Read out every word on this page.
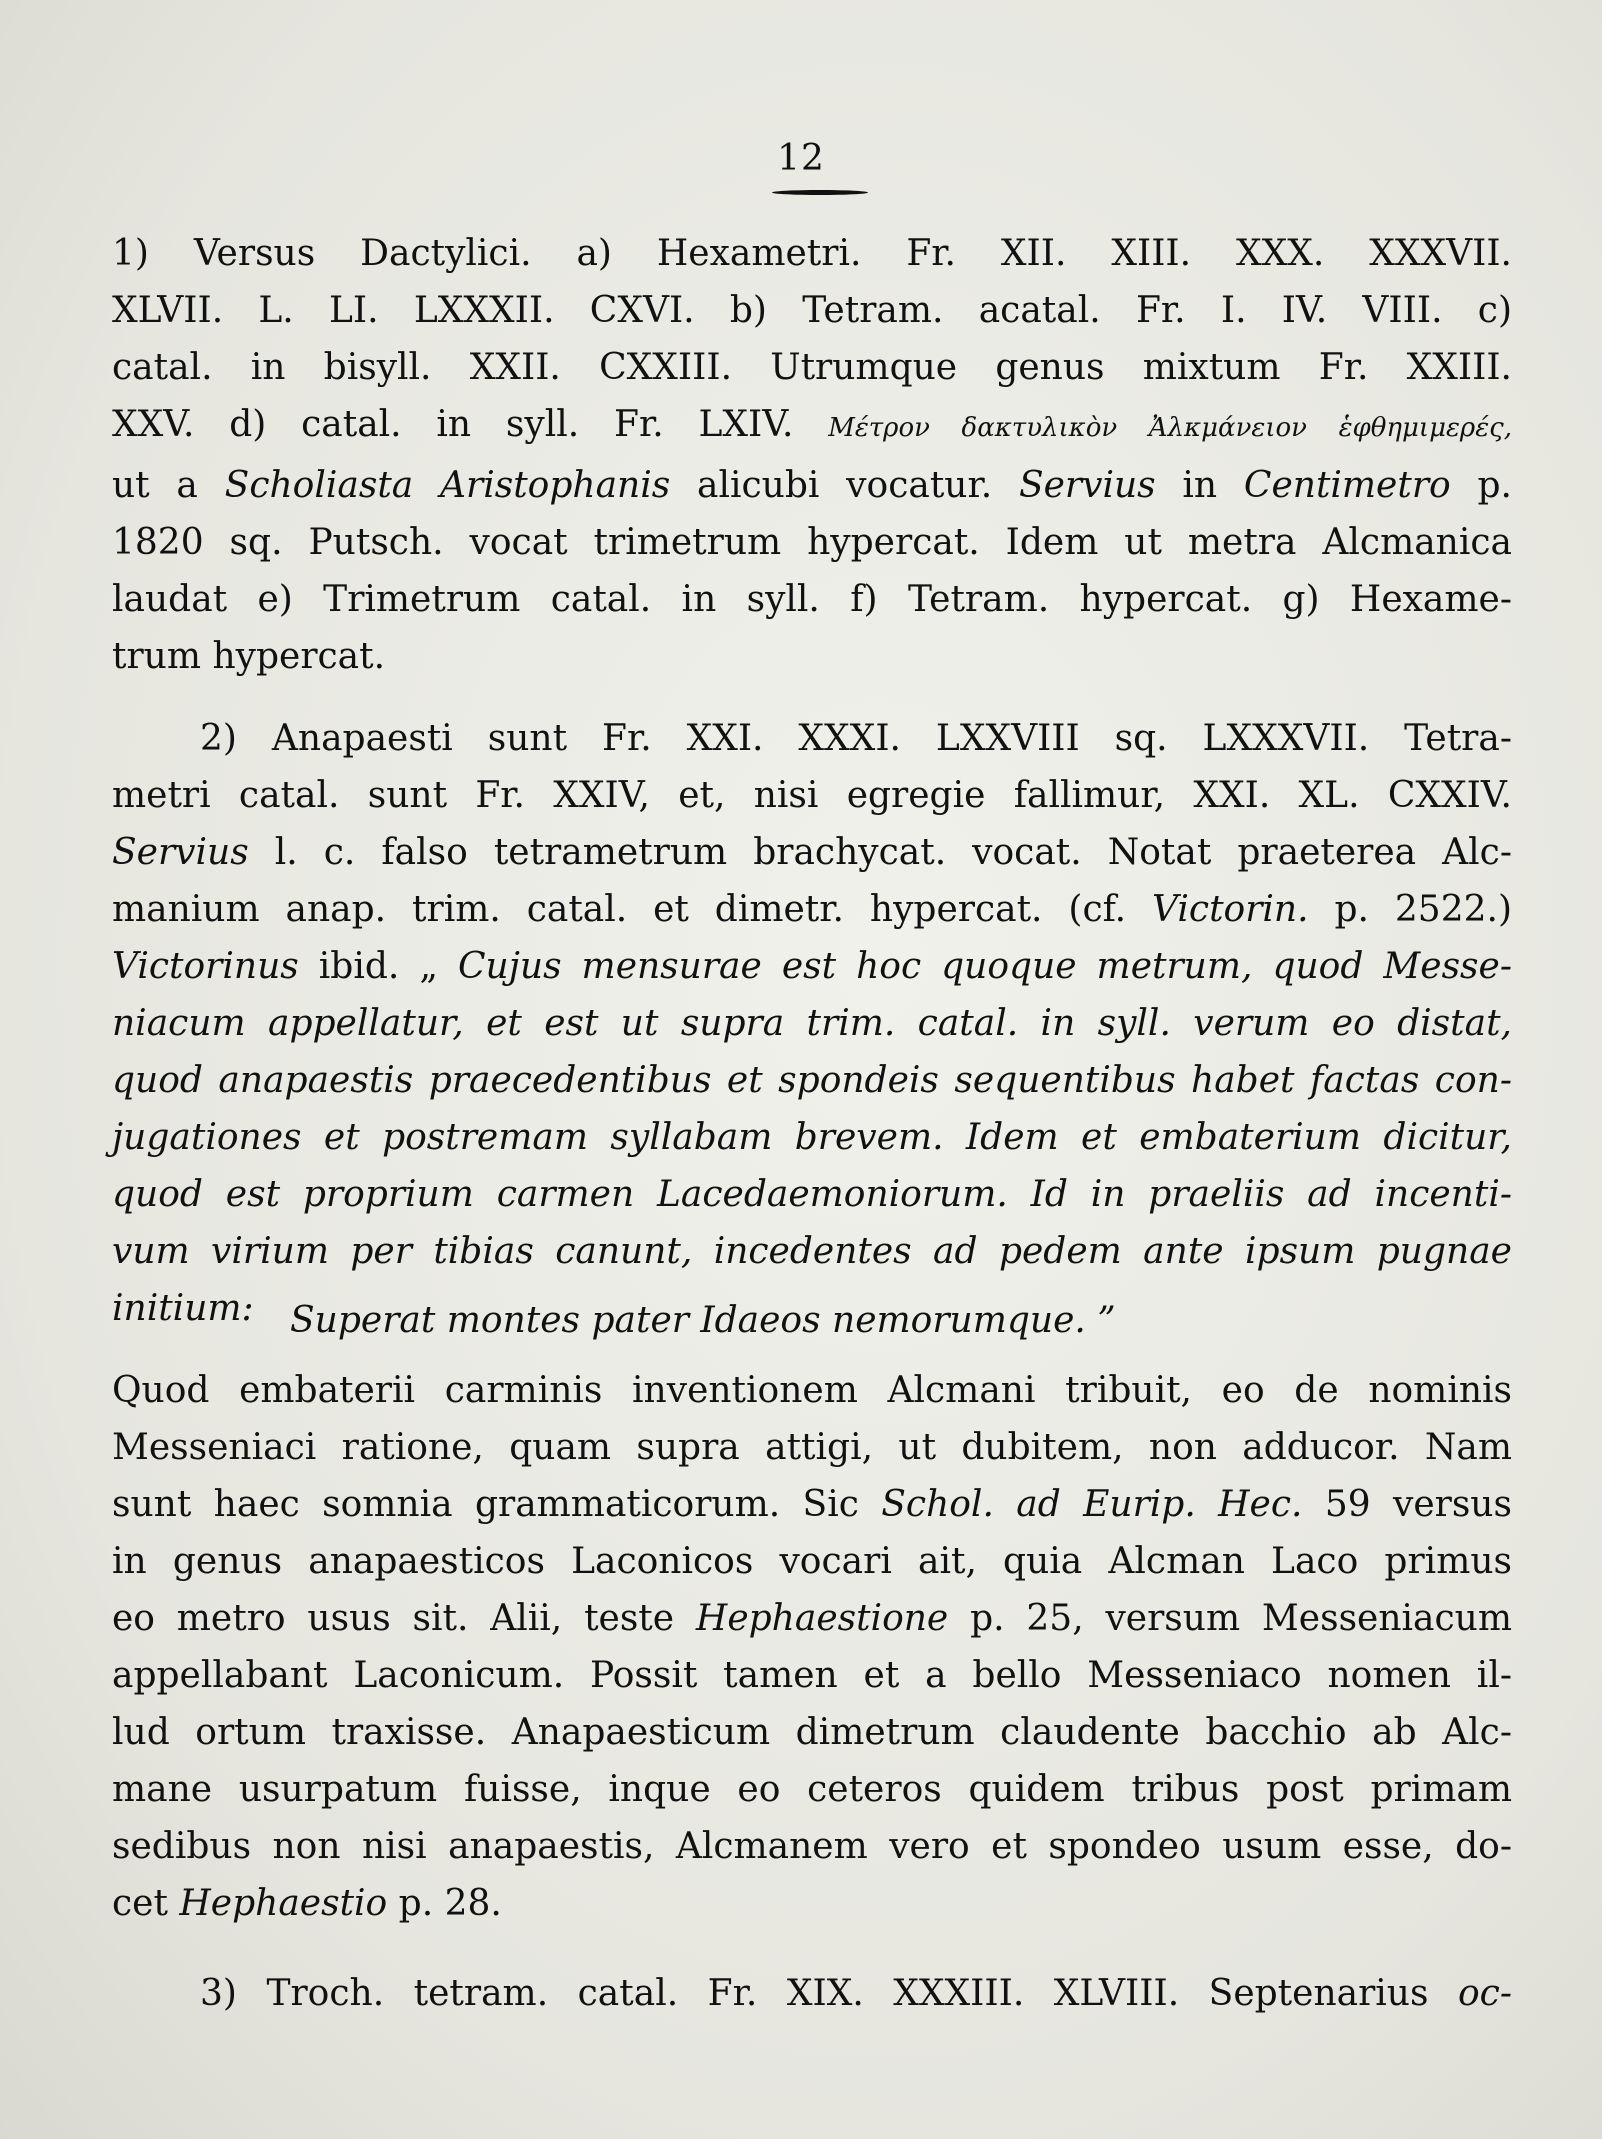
12
1) Versus Dactylici. a) Hexametri. Fr. XII. XIII. XXX. XXXVII.
XLVII. L. LI. LXXXII. CXVI. b) Tetram. acatal. Fr. I. IV. VIII. c)
catal. in bisyll. XXII. CXXIII. Utrumque genus mixtum Fr. XXIII.
XXV. d) catal. in syll. Fr. LXIV. Μέτρον δακτυλικὸν Ἀλκμάνειον ἑφθημιμερές,
ut a Scholiasta Aristophanis alicubi vocatur. Servius in Centimetro p.
1820 sq. Putsch. vocat trimetrum hypercat. Idem ut metra Alcmanica
laudat e) Trimetrum catal. in syll. f) Tetram. hypercat. g) Hexame-
trum hypercat.
2) Anapaesti sunt Fr. XXI. XXXI. LXXVIII sq. LXXXVII. Tetra-
metri catal. sunt Fr. XXIV, et, nisi egregie fallimur, XXI. XL. CXXIV.
Servius l. c. falso tetrametrum brachycat. vocat. Notat praeterea Alc-
manium anap. trim. catal. et dimetr. hypercat. (cf. Victorin. p. 2522.)
Victorinus ibid. „ Cujus mensurae est hoc quoque metrum, quod Messe-
niacum appellatur, et est ut supra trim. catal. in syll. verum eo distat,
quod anapaestis praecedentibus et spondeis sequentibus habet factas con-
jugationes et postremam syllabam brevem. Idem et embaterium dicitur,
quod est proprium carmen Lacedaemoniorum. Id in praeliis ad incenti-
vum virium per tibias canunt, incedentes ad pedem ante ipsum pugnae
initium:	Superat montes pater Idaeos nemorumque. ”
Quod embaterii carminis inventionem Alcmani tribuit, eo de nominis
Messeniaci ratione, quam supra attigi, ut dubitem, non adducor. Nam
sunt haec somnia grammaticorum. Sic Schol. ad Eurip. Hec. 59 versus
in genus anapaesticos Laconicos vocari ait, quia Alcman Laco primus
eo metro usus sit. Alii, teste Hephaestione p. 25, versum Messeniacum
appellabant Laconicum. Possit tamen et a bello Messeniaco nomen il-
lud ortum traxisse. Anapaesticum dimetrum claudente bacchio ab Alc-
mane usurpatum fuisse, inque eo ceteros quidem tribus post primam
sedibus non nisi anapaestis, Alcmanem vero et spondeo usum esse, do-
cet Hephaestio p. 28.
3) Troch. tetram. catal. Fr. XIX. XXXIII. XLVIII. Septenarius oc-
